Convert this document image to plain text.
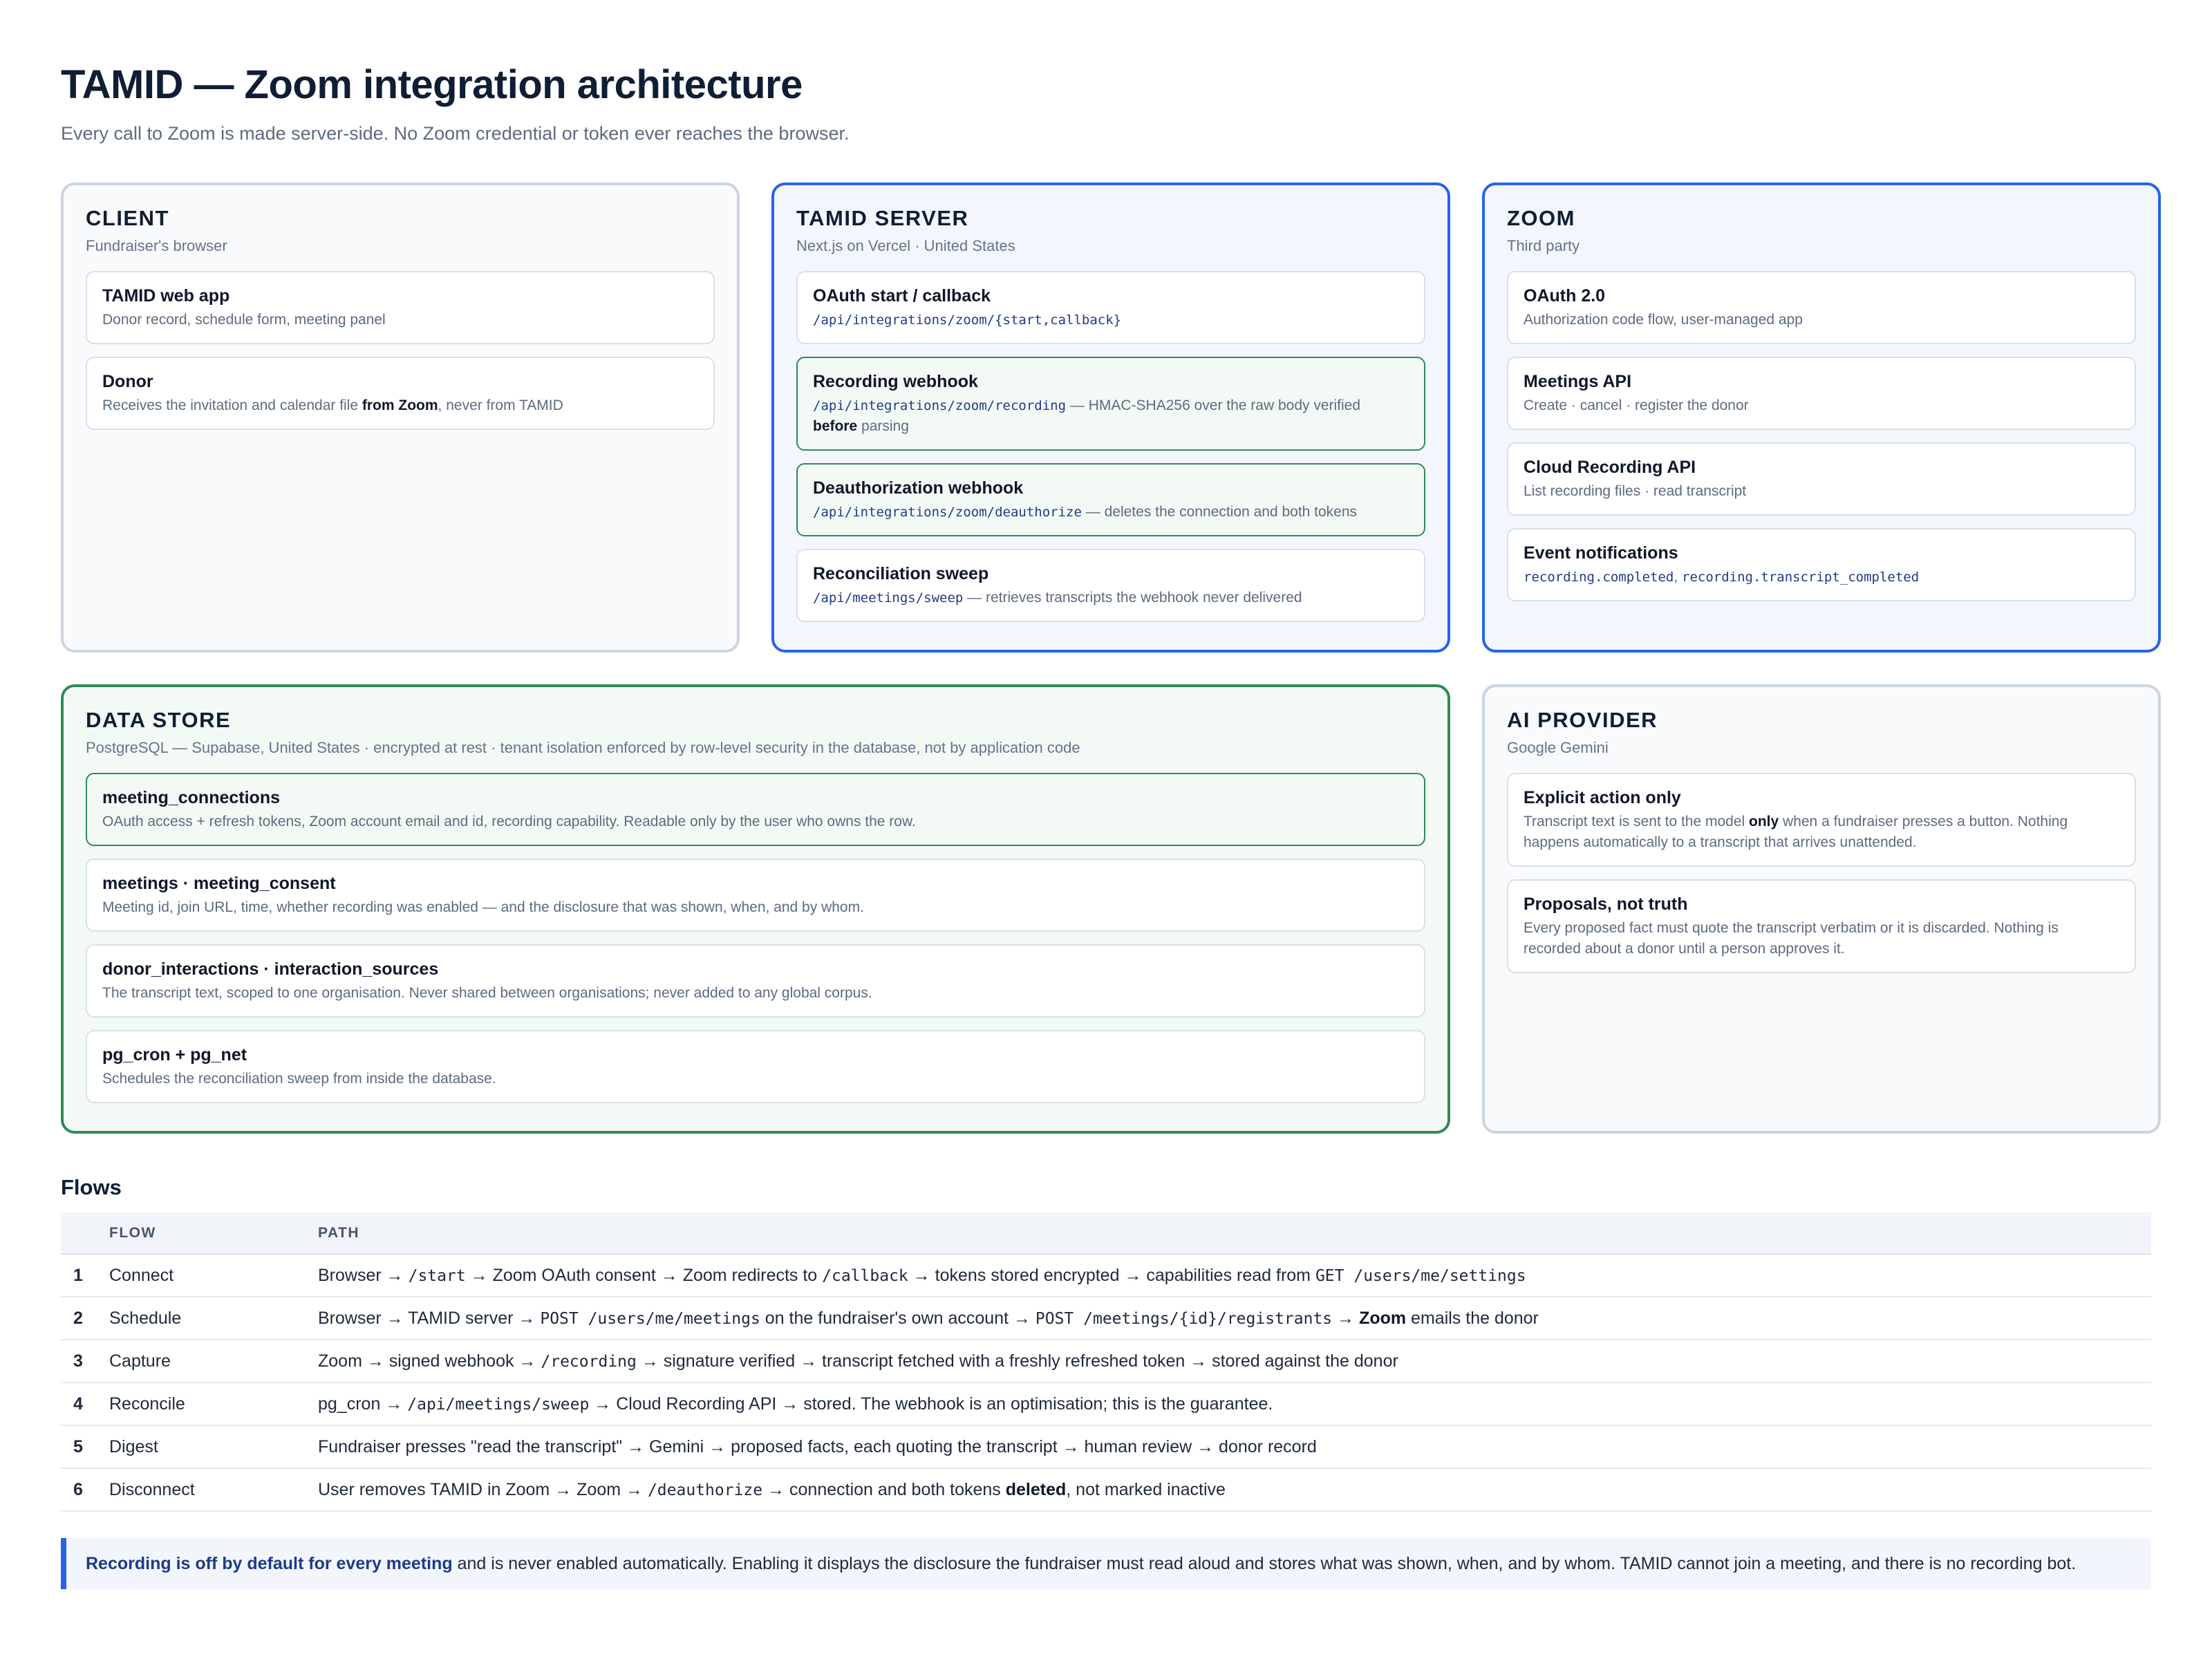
TAMID — Zoom integration architecture

Every call to Zoom is made server-side. No Zoom credential or token ever reaches the browser.

CLIENT
Fundraiser's browser
TAMID web app
Donor record, schedule form, meeting panel
Donor
Receives the invitation and calendar file from Zoom, never from TAMID
TAMID SERVER
Next.js on Vercel · United States
OAuth start / callback
/api/integrations/zoom/{start,callback}
Recording webhook
/api/integrations/zoom/recording — HMAC-SHA256 over the raw body verified before parsing
Deauthorization webhook
/api/integrations/zoom/deauthorize — deletes the connection and both tokens
Reconciliation sweep
/api/meetings/sweep — retrieves transcripts the webhook never delivered
ZOOM
Third party
OAuth 2.0
Authorization code flow, user-managed app
Meetings API
Create · cancel · register the donor
Cloud Recording API
List recording files · read transcript
Event notifications
recording.completed, recording.transcript_completed
DATA STORE
PostgreSQL — Supabase, United States · encrypted at rest · tenant isolation enforced by row-level security in the database, not by application code
meeting_connections
OAuth access + refresh tokens, Zoom account email and id, recording capability. Readable only by the user who owns the row.
meetings · meeting_consent
Meeting id, join URL, time, whether recording was enabled — and the disclosure that was shown, when, and by whom.
donor_interactions · interaction_sources
The transcript text, scoped to one organisation. Never shared between organisations; never added to any global corpus.
pg_cron + pg_net
Schedules the reconciliation sweep from inside the database.
AI PROVIDER
Google Gemini
Explicit action only
Transcript text is sent to the model only when a fundraiser presses a button. Nothing happens automatically to a transcript that arrives unattended.
Proposals, not truth
Every proposed fact must quote the transcript verbatim or it is discarded. Nothing is recorded about a donor until a person approves it.
Flows
	FLOW	PATH
1	Connect	Browser → /start → Zoom OAuth consent → Zoom redirects to /callback → tokens stored encrypted → capabilities read from GET /users/me/settings
2	Schedule	Browser → TAMID server → POST /users/me/meetings on the fundraiser's own account → POST /meetings/{id}/registrants → Zoom emails the donor
3	Capture	Zoom → signed webhook → /recording → signature verified → transcript fetched with a freshly refreshed token → stored against the donor
4	Reconcile	pg_cron → /api/meetings/sweep → Cloud Recording API → stored. The webhook is an optimisation; this is the guarantee.
5	Digest	Fundraiser presses "read the transcript" → Gemini → proposed facts, each quoting the transcript → human review → donor record
6	Disconnect	User removes TAMID in Zoom → Zoom → /deauthorize → connection and both tokens deleted, not marked inactive
Recording is off by default for every meeting and is never enabled automatically. Enabling it displays the disclosure the fundraiser must read aloud and stores what was shown, when, and by whom. TAMID cannot join a meeting, and there is no recording bot.
